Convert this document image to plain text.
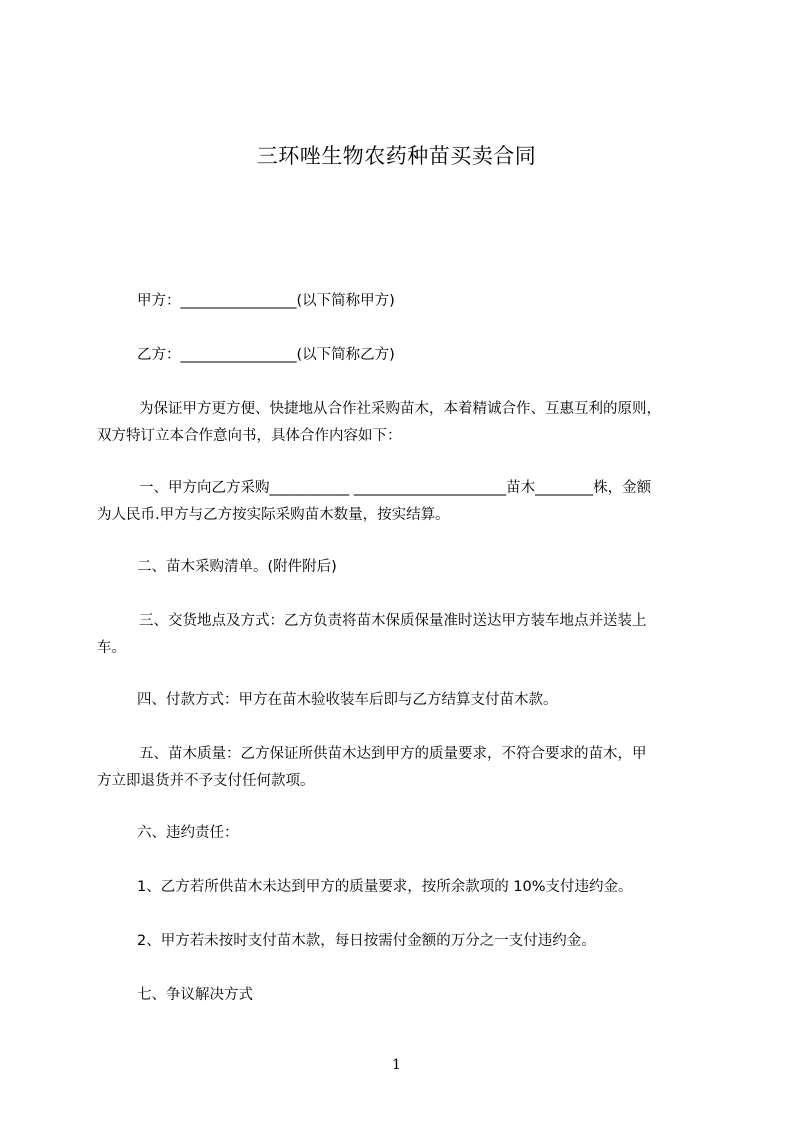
三环唑生物农药种苗买卖合同
甲方：________________(以下简称甲方)
乙方：________________(以下简称乙方)
为保证甲方更方便、快捷地从合作社采购苗木，本着精诚合作、互惠互利的原则，
双方特订立本合作意向书，具体合作内容如下：
一、甲方向乙方采购___________ _____________________苗木________株，金额
为人民币.甲方与乙方按实际采购苗木数量，按实结算。
二、苗木采购清单。(附件附后)
三、交货地点及方式：乙方负责将苗木保质保量准时送达甲方装车地点并送装上
车。
四、付款方式：甲方在苗木验收装车后即与乙方结算支付苗木款。
五、苗木质量：乙方保证所供苗木达到甲方的质量要求，不符合要求的苗木，甲
方立即退货并不予支付任何款项。
六、违约责任：
1、乙方若所供苗木未达到甲方的质量要求，按所余款项的 10%支付违约金。
2、甲方若未按时支付苗木款，每日按需付金额的万分之一支付违约金。
七、争议解决方式
1
